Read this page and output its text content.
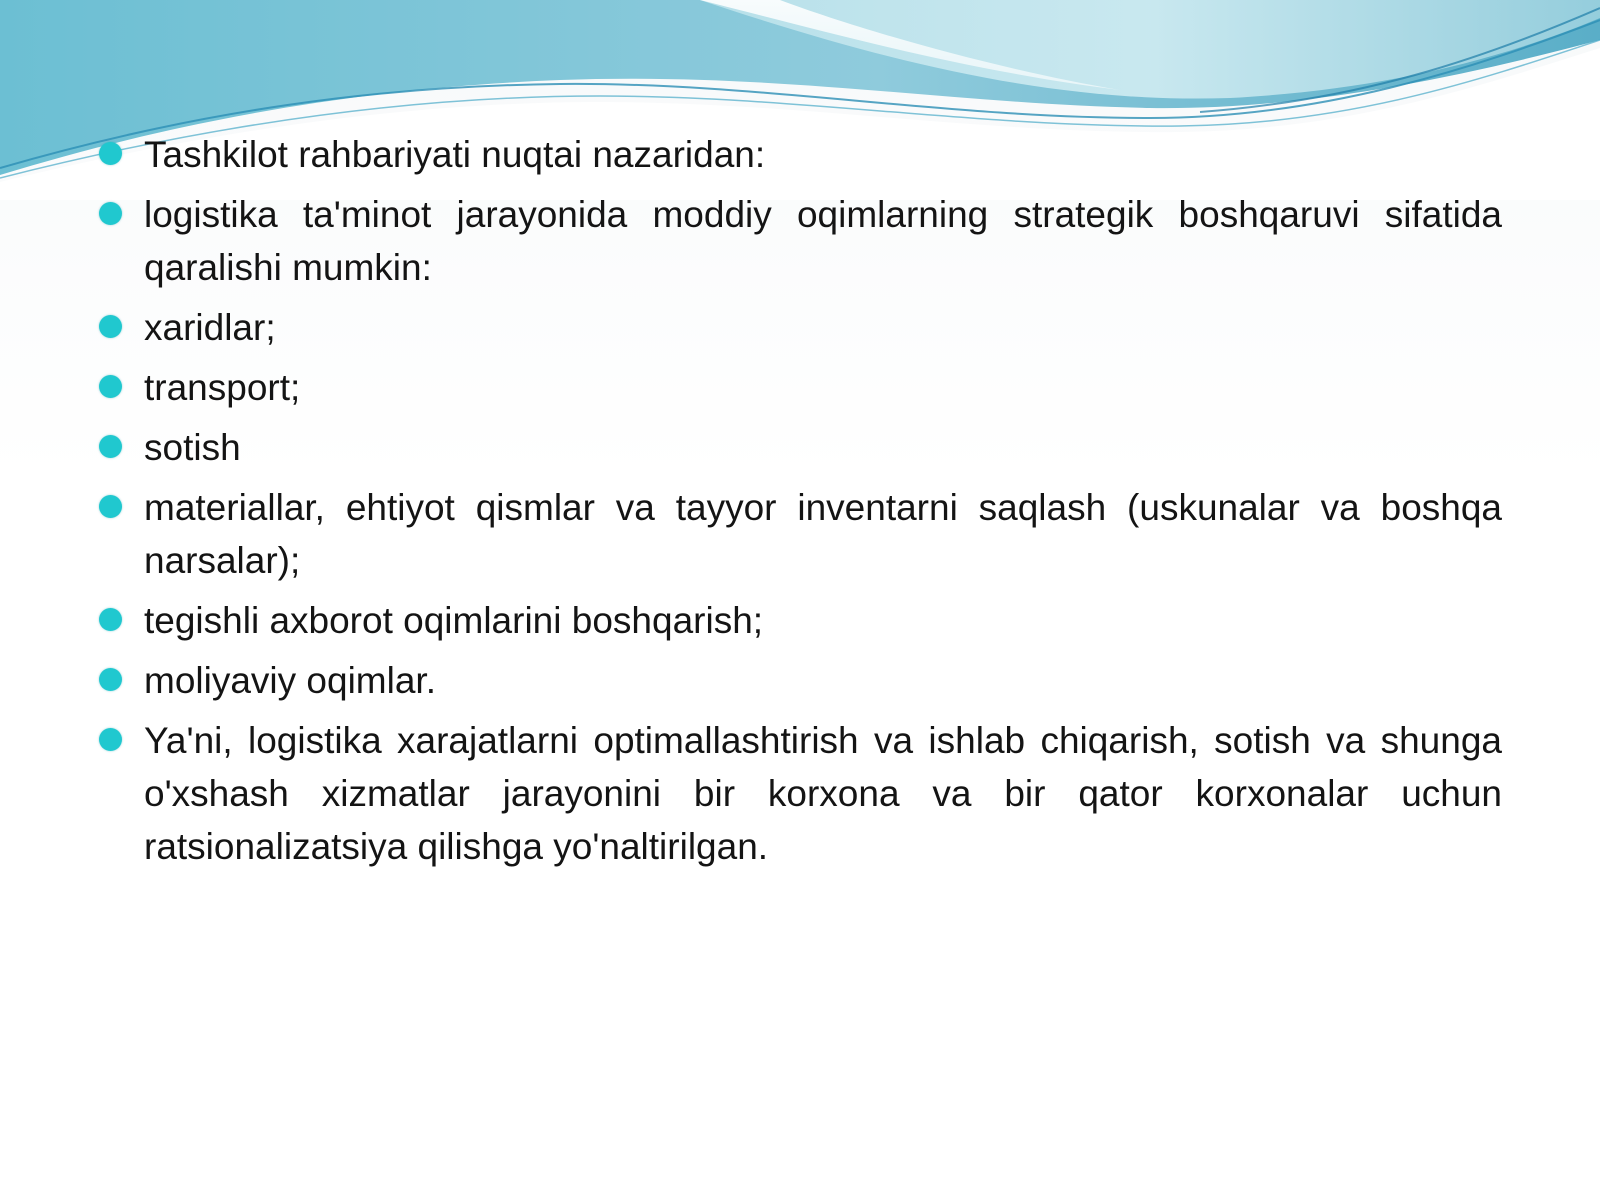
Tashkilot rahbariyati nuqtai nazaridan:
logistika ta'minot jarayonida moddiy oqimlarning strategik boshqaruvi sifatida qaralishi mumkin:
xaridlar;
transport;
sotish
materiallar, ehtiyot qismlar va tayyor inventarni saqlash (uskunalar va boshqa narsalar);
tegishli axborot oqimlarini boshqarish;
moliyaviy oqimlar.
Ya'ni, logistika xarajatlarni optimallashtirish va ishlab chiqarish, sotish va shunga o'xshash xizmatlar jarayonini bir korxona va bir qator korxonalar uchun ratsionalizatsiya qilishga yo'naltirilgan.
